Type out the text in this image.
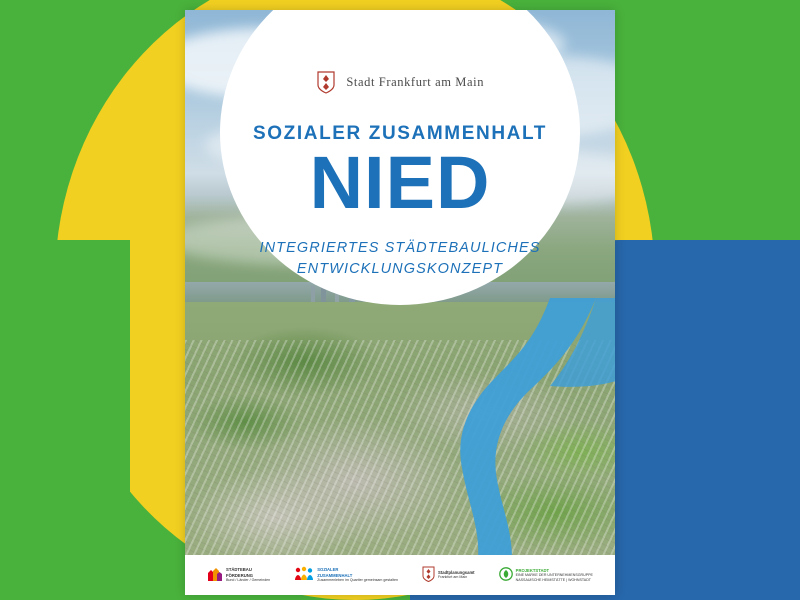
Stadt Frankfurt am Main
SOZIALER ZUSAMMENHALT
NIED
INTEGRIERTES STÄDTEBAULICHES
ENTWICKLUNGSKONZEPT
STÄDTEBAU
FÖRDERUNG
Bund / Länder / Gemeinden
SOZIALER
ZUSAMMENHALT
Zusammenleben im Quartier gemeinsam gestalten
Stadtplanungsamt
Frankfurt am Main
PROJEKTSTADT
EINE MARKE DER UNTERNEHMENSGRUPPE
NASSAUISCHE HEIMSTÄTTE | WOHNSTADT
